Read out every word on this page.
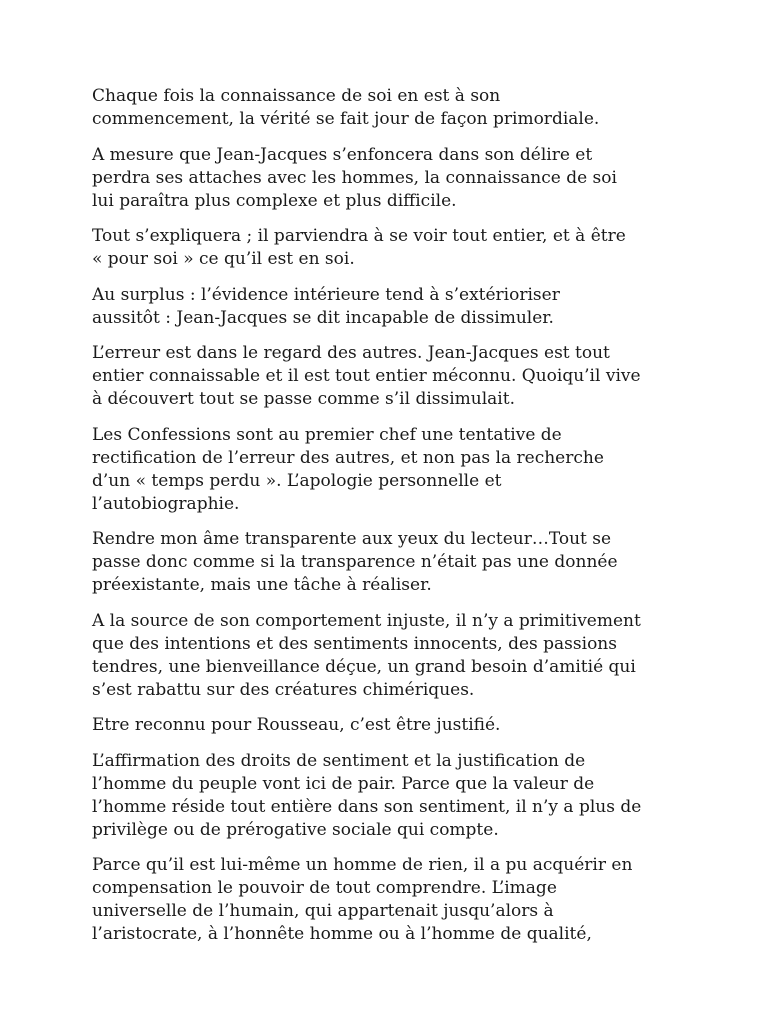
Chaque fois la connaissance de soi en est à son
commencement, la vérité se fait jour de façon primordiale.

A mesure que Jean-Jacques s’enfoncera dans son délire et
perdra ses attaches avec les hommes, la connaissance de soi
lui paraîtra plus complexe et plus difficile.

Tout s’expliquera ; il parviendra à se voir tout entier, et à être
« pour soi » ce qu’il est en soi.

Au surplus : l’évidence intérieure tend à s’extérioriser
aussitôt : Jean-Jacques se dit incapable de dissimuler.

L’erreur est dans le regard des autres. Jean-Jacques est tout
entier connaissable et il est tout entier méconnu. Quoiqu’il vive
à découvert tout se passe comme s’il dissimulait.

Les Confessions sont au premier chef une tentative de
rectification de l’erreur des autres, et non pas la recherche
d’un « temps perdu ». L’apologie personnelle et
l’autobiographie.

Rendre mon âme transparente aux yeux du lecteur…Tout se
passe donc comme si la transparence n’était pas une donnée
préexistante, mais une tâche à réaliser.

A la source de son comportement injuste, il n’y a primitivement
que des intentions et des sentiments innocents, des passions
tendres, une bienveillance déçue, un grand besoin d’amitié qui
s’est rabattu sur des créatures chimériques.

Etre reconnu pour Rousseau, c’est être justifié.

L’affirmation des droits de sentiment et la justification de
l’homme du peuple vont ici de pair. Parce que la valeur de
l’homme réside tout entière dans son sentiment, il n’y a plus de
privilège ou de prérogative sociale qui compte.

Parce qu’il est lui-même un homme de rien, il a pu acquérir en
compensation le pouvoir de tout comprendre. L’image
universelle de l’humain, qui appartenait jusqu’alors à
l’aristocrate, à l’honnête homme ou à l’homme de qualité,
